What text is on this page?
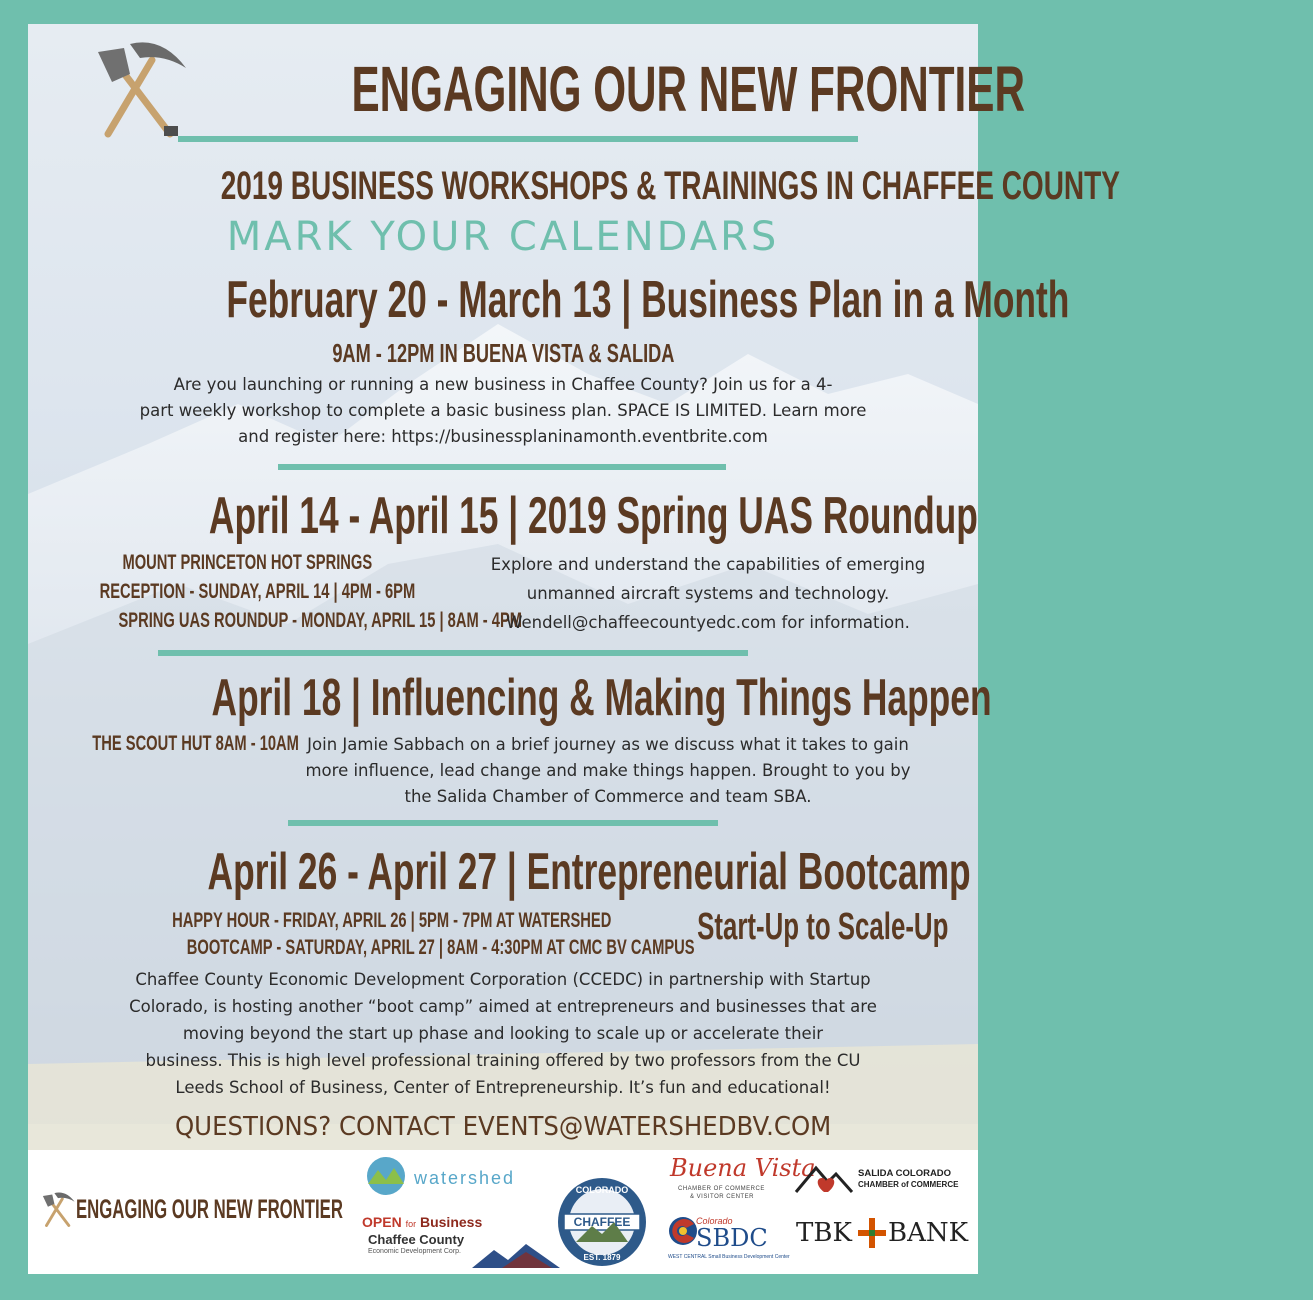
ENGAGING OUR NEW FRONTIER
2019 BUSINESS WORKSHOPS & TRAININGS IN CHAFFEE COUNTY
MARK YOUR CALENDARS
February 20 - March 13 | Business Plan in a Month
9AM - 12PM IN BUENA VISTA & SALIDA
Are you launching or running a new business in Chaffee County? Join us for a 4-
part weekly workshop to complete a basic business plan. SPACE IS LIMITED. Learn more
and register here: https://businessplaninamonth.eventbrite.com
April 14 - April 15 | 2019 Spring UAS Roundup
MOUNT PRINCETON HOT SPRINGS
RECEPTION - SUNDAY, APRIL 14 | 4PM - 6PM
SPRING UAS ROUNDUP - MONDAY, APRIL 15 | 8AM - 4PM
Explore and understand the capabilities of emerging
unmanned aircraft systems and technology.
Wendell@chaffeecountyedc.com for information.
April 18 | Influencing & Making Things Happen
THE SCOUT HUT 8AM - 10AM Join Jamie Sabbach on a brief journey as we discuss what it takes to gain
more influence, lead change and make things happen. Brought to you by
the Salida Chamber of Commerce and team SBA.
April 26 - April 27 | Entrepreneurial Bootcamp
HAPPY HOUR - FRIDAY, APRIL 26 | 5PM - 7PM AT WATERSHED
BOOTCAMP - SATURDAY, APRIL 27 | 8AM - 4:30PM AT CMC BV CAMPUS Start-Up to Scale-Up
Chaffee County Economic Development Corporation (CCEDC) in partnership with Startup
Colorado, is hosting another “boot camp” aimed at entrepreneurs and businesses that are
moving beyond the start up phase and looking to scale up or accelerate their
business. This is high level professional training offered by two professors from the CU
Leeds School of Business, Center of Entrepreneurship. It’s fun and educational!
QUESTIONS? CONTACT EVENTS@WATERSHEDBV.COM
ENGAGING OUR NEW FRONTIER
watershed
OPEN for Business
Chaffee County
Economic Development Corp.
COLORADO
CHAFFEE
EST. 1879
Buena Vista
CHAMBER OF COMMERCE
& VISITOR CENTER
Colorado
SBDC
WEST CENTRAL Small Business Development Center
SALIDA COLORADO
CHAMBER of COMMERCE
TBK BANK
